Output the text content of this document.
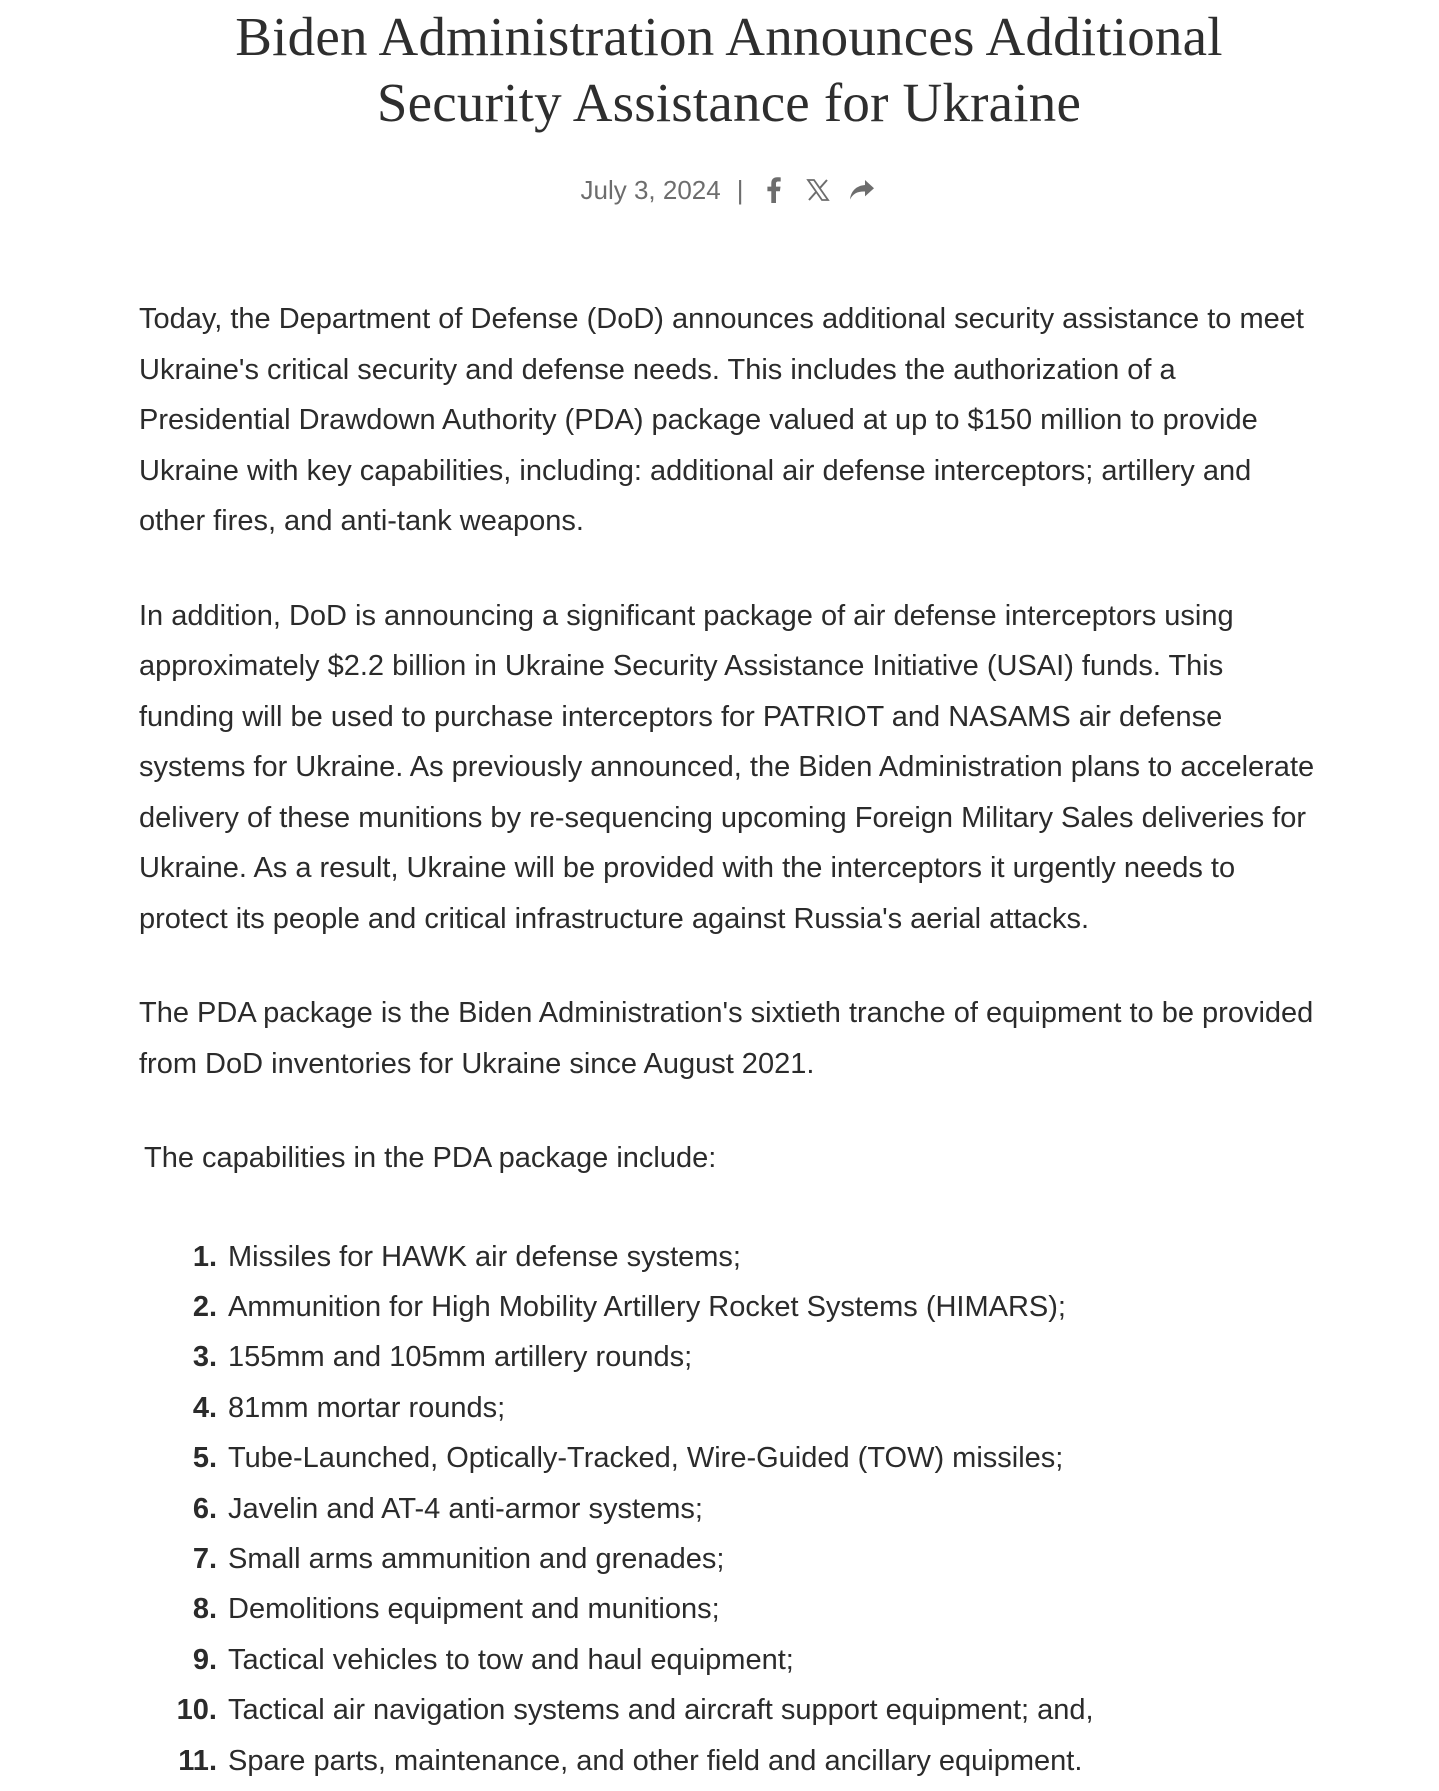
Biden Administration Announces Additional Security Assistance for Ukraine
July 3, 2024 |

Today, the Department of Defense (DoD) announces additional security assistance to meet Ukraine's critical security and defense needs. This includes the authorization of a Presidential Drawdown Authority (PDA) package valued at up to $150 million to provide Ukraine with key capabilities, including: additional air defense interceptors; artillery and other fires, and anti-tank weapons.

In addition, DoD is announcing a significant package of air defense interceptors using approximately $2.2 billion in Ukraine Security Assistance Initiative (USAI) funds. This funding will be used to purchase interceptors for PATRIOT and NASAMS air defense systems for Ukraine. As previously announced, the Biden Administration plans to accelerate delivery of these munitions by re-sequencing upcoming Foreign Military Sales deliveries for Ukraine. As a result, Ukraine will be provided with the interceptors it urgently needs to protect its people and critical infrastructure against Russia's aerial attacks.

The PDA package is the Biden Administration's sixtieth tranche of equipment to be provided from DoD inventories for Ukraine since August 2021.

The capabilities in the PDA package include:
1. Missiles for HAWK air defense systems;
2. Ammunition for High Mobility Artillery Rocket Systems (HIMARS);
3. 155mm and 105mm artillery rounds;
4. 81mm mortar rounds;
5. Tube-Launched, Optically-Tracked, Wire-Guided (TOW) missiles;
6. Javelin and AT-4 anti-armor systems;
7. Small arms ammunition and grenades;
8. Demolitions equipment and munitions;
9. Tactical vehicles to tow and haul equipment;
10. Tactical air navigation systems and aircraft support equipment; and,
11. Spare parts, maintenance, and other field and ancillary equipment.
